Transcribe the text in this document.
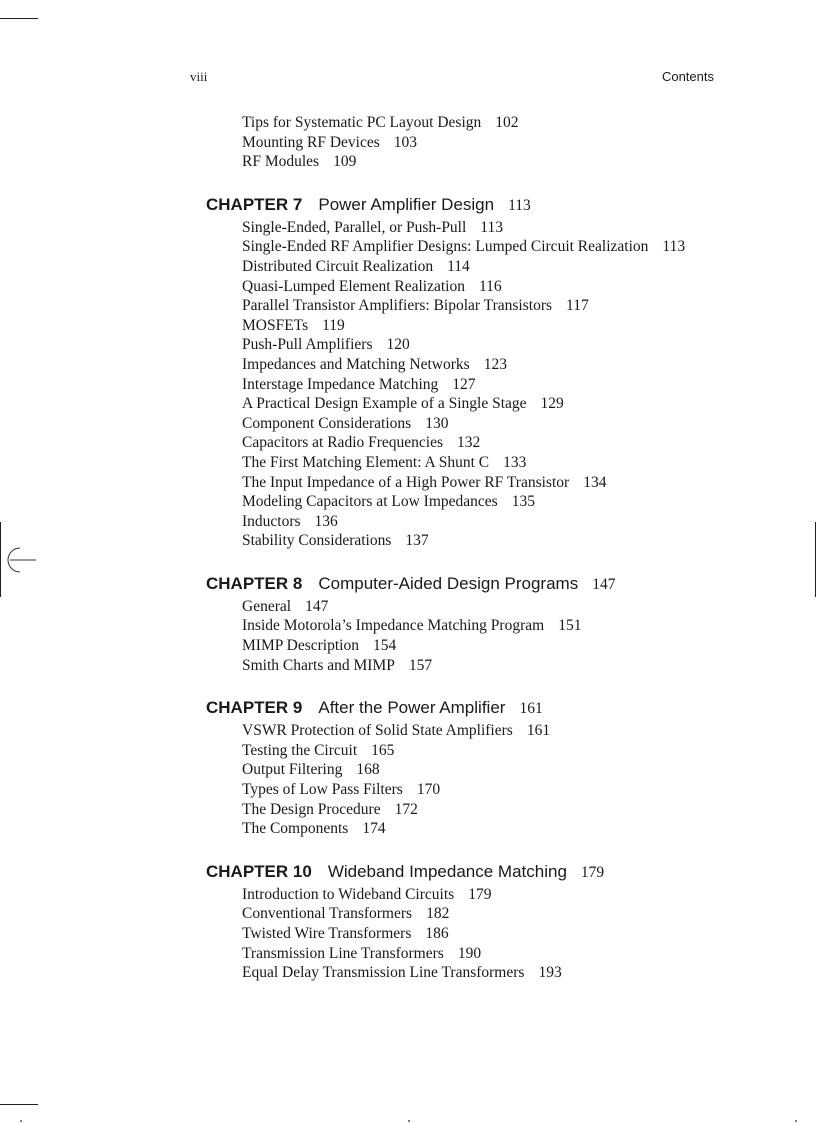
viii	Contents
Tips for Systematic PC Layout Design 102
Mounting RF Devices 103
RF Modules 109
CHAPTER 7 Power Amplifier Design 113
Single-Ended, Parallel, or Push-Pull 113
Single-Ended RF Amplifier Designs: Lumped Circuit Realization 113
Distributed Circuit Realization 114
Quasi-Lumped Element Realization 116
Parallel Transistor Amplifiers: Bipolar Transistors 117
MOSFETs 119
Push-Pull Amplifiers 120
Impedances and Matching Networks 123
Interstage Impedance Matching 127
A Practical Design Example of a Single Stage 129
Component Considerations 130
Capacitors at Radio Frequencies 132
The First Matching Element: A Shunt C 133
The Input Impedance of a High Power RF Transistor 134
Modeling Capacitors at Low Impedances 135
Inductors 136
Stability Considerations 137
CHAPTER 8 Computer-Aided Design Programs 147
General 147
Inside Motorola’s Impedance Matching Program 151
MIMP Description 154
Smith Charts and MIMP 157
CHAPTER 9 After the Power Amplifier 161
VSWR Protection of Solid State Amplifiers 161
Testing the Circuit 165
Output Filtering 168
Types of Low Pass Filters 170
The Design Procedure 172
The Components 174
CHAPTER 10 Wideband Impedance Matching 179
Introduction to Wideband Circuits 179
Conventional Transformers 182
Twisted Wire Transformers 186
Transmission Line Transformers 190
Equal Delay Transmission Line Transformers 193
